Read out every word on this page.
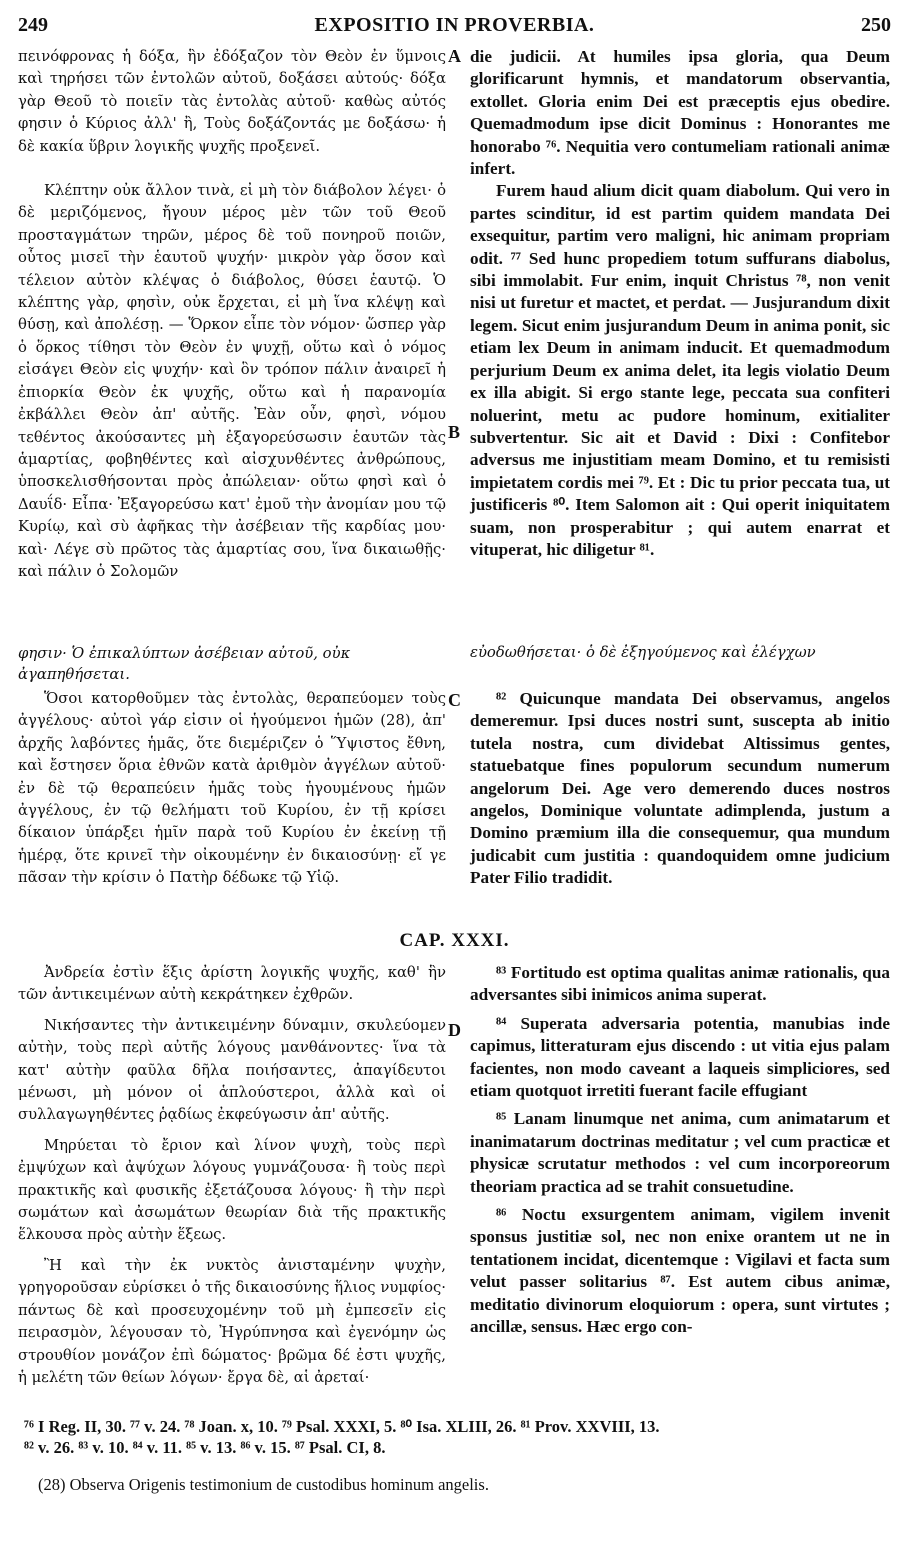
249	EXPOSITIO IN PROVERBIA.	250
A
B
C
D

πεινόφρονας ἡ δόξα, ἣν ἐδόξαζον τὸν Θεὸν ἐν ὕμνοις καὶ τηρήσει τῶν ἐντολῶν αὐτοῦ, δοξάσει αὐτούς· δόξα γὰρ Θεοῦ τὸ ποιεῖν τὰς ἐντολὰς αὐτοῦ· καθὼς αὐτός φησιν ὁ Κύριος ἀλλ' ἢ, Τοὺς δοξάζοντάς με δοξάσω· ἡ δὲ κακία ὕβριν λογικῆς ψυχῆς προξενεῖ.

Κλέπτην οὐκ ἄλλον τινὰ, εἰ μὴ τὸν διάβολον λέγει· ὁ δὲ μεριζόμενος, ἤγουν μέρος μὲν τῶν τοῦ Θεοῦ προσταγμάτων τηρῶν, μέρος δὲ τοῦ πονηροῦ ποιῶν, οὗτος μισεῖ τὴν ἑαυτοῦ ψυχήν· μικρὸν γὰρ ὅσον καὶ τέλειον αὐτὸν κλέψας ὁ διάβολος, θύσει ἑαυτῷ. Ὁ κλέπτης γὰρ, φησὶν, οὐκ ἔρχεται, εἰ μὴ ἵνα κλέψῃ καὶ θύσῃ, καὶ ἀπολέσῃ. — Ὅρκον εἶπε τὸν νόμον· ὥσπερ γὰρ ὁ ὅρκος τίθησι τὸν Θεὸν ἐν ψυχῇ, οὕτω καὶ ὁ νόμος εἰσάγει Θεὸν εἰς ψυχήν· καὶ ὃν τρόπον πάλιν ἀναιρεῖ ἡ ἐπιορκία Θεὸν ἐκ ψυχῆς, οὕτω καὶ ἡ παρανομία ἐκβάλλει Θεὸν ἀπ' αὐτῆς. Ἐὰν οὖν, φησὶ, νόμου τεθέντος ἀκούσαντες μὴ ἐξαγορεύσωσιν ἑαυτῶν τὰς ἁμαρτίας, φοβηθέντες καὶ αἰσχυνθέντες ἀνθρώπους, ὑποσκελισθήσονται πρὸς ἀπώλειαν· οὕτω φησὶ καὶ ὁ Δαυΐδ· Εἶπα· Ἐξαγορεύσω κατ' ἐμοῦ τὴν ἀνομίαν μου τῷ Κυρίῳ, καὶ σὺ ἀφῆκας τὴν ἀσέβειαν τῆς καρδίας μου· καὶ· Λέγε σὺ πρῶτος τὰς ἁμαρτίας σου, ἵνα δικαιωθῇς· καὶ πάλιν ὁ Σολομῶν

die judicii. At humiles ipsa gloria, qua Deum glorificarunt hymnis, et mandatorum observantia, extollet. Gloria enim Dei est præceptis ejus obedire. Quemadmodum ipse dicit Dominus : Honorantes me honorabo ⁷⁶. Nequitia vero contumeliam rationali animæ infert.

Furem haud alium dicit quam diabolum. Qui vero in partes scinditur, id est partim quidem mandata Dei exsequitur, partim vero maligni, hic animam propriam odit. ⁷⁷ Sed hunc propediem totum suffurans diabolus, sibi immolabit. Fur enim, inquit Christus ⁷⁸, non venit nisi ut furetur et mactet, et perdat. — Jusjurandum dixit legem. Sicut enim jusjurandum Deum in anima ponit, sic etiam lex Deum in animam inducit. Et quemadmodum perjurium Deum ex anima delet, ita legis violatio Deum ex illa abigit. Si ergo stante lege, peccata sua confiteri noluerint, metu ac pudore hominum, exitialiter subvertentur. Sic ait et David : Dixi : Confitebor adversus me injustitiam meam Domino, et tu remisisti impietatem cordis mei ⁷⁹. Et : Dic tu prior peccata tua, ut justificeris ⁸⁰. Item Salomon ait : Qui operit iniquitatem suam, non prosperabitur ; qui autem enarrat et vituperat, hic diligetur ⁸¹.

φησιν· Ὁ ἐπικαλύπτων ἀσέβειαν αὐτοῦ, οὐκ	εὐοδωθήσεται· ὁ δὲ ἐξηγούμενος καὶ ἐλέγχων

ἀγαπηθήσεται.

Ὅσοι κατορθοῦμεν τὰς ἐντολὰς, θεραπεύομεν τοὺς ἀγγέλους· αὐτοὶ γάρ εἰσιν οἱ ἡγούμενοι ἡμῶν (28), ἀπ' ἀρχῆς λαβόντες ἡμᾶς, ὅτε διεμέριζεν ὁ Ὕψιστος ἔθνη, καὶ ἔστησεν ὅρια ἐθνῶν κατὰ ἀριθμὸν ἀγγέλων αὐτοῦ· ἐν δὲ τῷ θεραπεύειν ἡμᾶς τοὺς ἡγουμένους ἡμῶν ἀγγέλους, ἐν τῷ θελήματι τοῦ Κυρίου, ἐν τῇ κρίσει δίκαιον ὑπάρξει ἡμῖν παρὰ τοῦ Κυρίου ἐν ἐκείνῃ τῇ ἡμέρᾳ, ὅτε κρινεῖ τὴν οἰκουμένην ἐν δικαιοσύνῃ· εἴ γε πᾶσαν τὴν κρίσιν ὁ Πατὴρ δέδωκε τῷ Υἱῷ.

⁸² Quicunque mandata Dei observamus, angelos demeremur. Ipsi duces nostri sunt, suscepta ab initio tutela nostra, cum dividebat Altissimus gentes, statuebatque fines populorum secundum numerum angelorum Dei. Age vero demerendo duces nostros angelos, Dominique voluntate adimplenda, justum a Domino præmium illa die consequemur, qua mundum judicabit cum justitia : quandoquidem omne judicium Pater Filio tradidit.

CAP. XXXI.

Ἀνδρεία ἐστὶν ἕξις ἀρίστη λογικῆς ψυχῆς, καθ' ἣν τῶν ἀντικειμένων αὐτὴ κεκράτηκεν ἐχθρῶν.

Νικήσαντες τὴν ἀντικειμένην δύναμιν, σκυλεύομεν αὐτὴν, τοὺς περὶ αὐτῆς λόγους μανθάνοντες· ἵνα τὰ κατ' αὐτὴν φαῦλα δῆλα ποιήσαντες, ἀπαγίδευτοι μένωσι, μὴ μόνον οἱ ἁπλούστεροι, ἀλλὰ καὶ οἱ συλλαγωγηθέντες ῥᾳδίως ἐκφεύγωσιν ἀπ' αὐτῆς.

Μηρύεται τὸ ἔριον καὶ λίνον ψυχὴ, τοὺς περὶ ἐμψύχων καὶ ἀψύχων λόγους γυμνάζουσα· ἢ τοὺς περὶ πρακτικῆς καὶ φυσικῆς ἐξετάζουσα λόγους· ἢ τὴν περὶ σωμάτων καὶ ἀσωμάτων θεωρίαν διὰ τῆς πρακτικῆς ἕλκουσα πρὸς αὐτὴν ἕξεως.

Ἢ καὶ τὴν ἐκ νυκτὸς ἀνισταμένην ψυχὴν, γρηγοροῦσαν εὑρίσκει ὁ τῆς δικαιοσύνης ἥλιος νυμφίος· πάντως δὲ καὶ προσευχομένην τοῦ μὴ ἐμπεσεῖν εἰς πειρασμὸν, λέγουσαν τὸ, Ἠγρύπνησα καὶ ἐγενόμην ὡς στρουθίον μονάζον ἐπὶ δώματος· βρῶμα δέ ἐστι ψυχῆς, ἡ μελέτη τῶν θείων λόγων· ἔργα δὲ, αἱ ἀρεταί·

⁸³ Fortitudo est optima qualitas animæ rationalis, qua adversantes sibi inimicos anima superat.

⁸⁴ Superata adversaria potentia, manubias inde capimus, litteraturam ejus discendo : ut vitia ejus palam facientes, non modo caveant a laqueis simpliciores, sed etiam quotquot irretiti fuerant facile effugiant

⁸⁵ Lanam linumque net anima, cum animatarum et inanimatarum doctrinas meditatur ; vel cum practicæ et physicæ scrutatur methodos : vel cum incorporeorum theoriam practica ad se trahit consuetudine.

⁸⁶ Noctu exsurgentem animam, vigilem invenit sponsus justitiæ sol, nec non enixe orantem ut ne in tentationem incidat, dicentemque : Vigilavi et facta sum velut passer solitarius ⁸⁷. Est autem cibus animæ, meditatio divinorum eloquiorum : opera, sunt virtutes ; ancillæ, sensus. Hæc ergo con-

⁷⁶ I Reg. II, 30. ⁷⁷ v. 24. ⁷⁸ Joan. x, 10. ⁷⁹ Psal. XXXI, 5. ⁸⁰ Isa. XLIII, 26. ⁸¹ Prov. XXVIII, 13.
⁸² v. 26. ⁸³ v. 10. ⁸⁴ v. 11. ⁸⁵ v. 13. ⁸⁶ v. 15. ⁸⁷ Psal. CI, 8.
(28) Observa Origenis testimonium de custodibus hominum angelis.
